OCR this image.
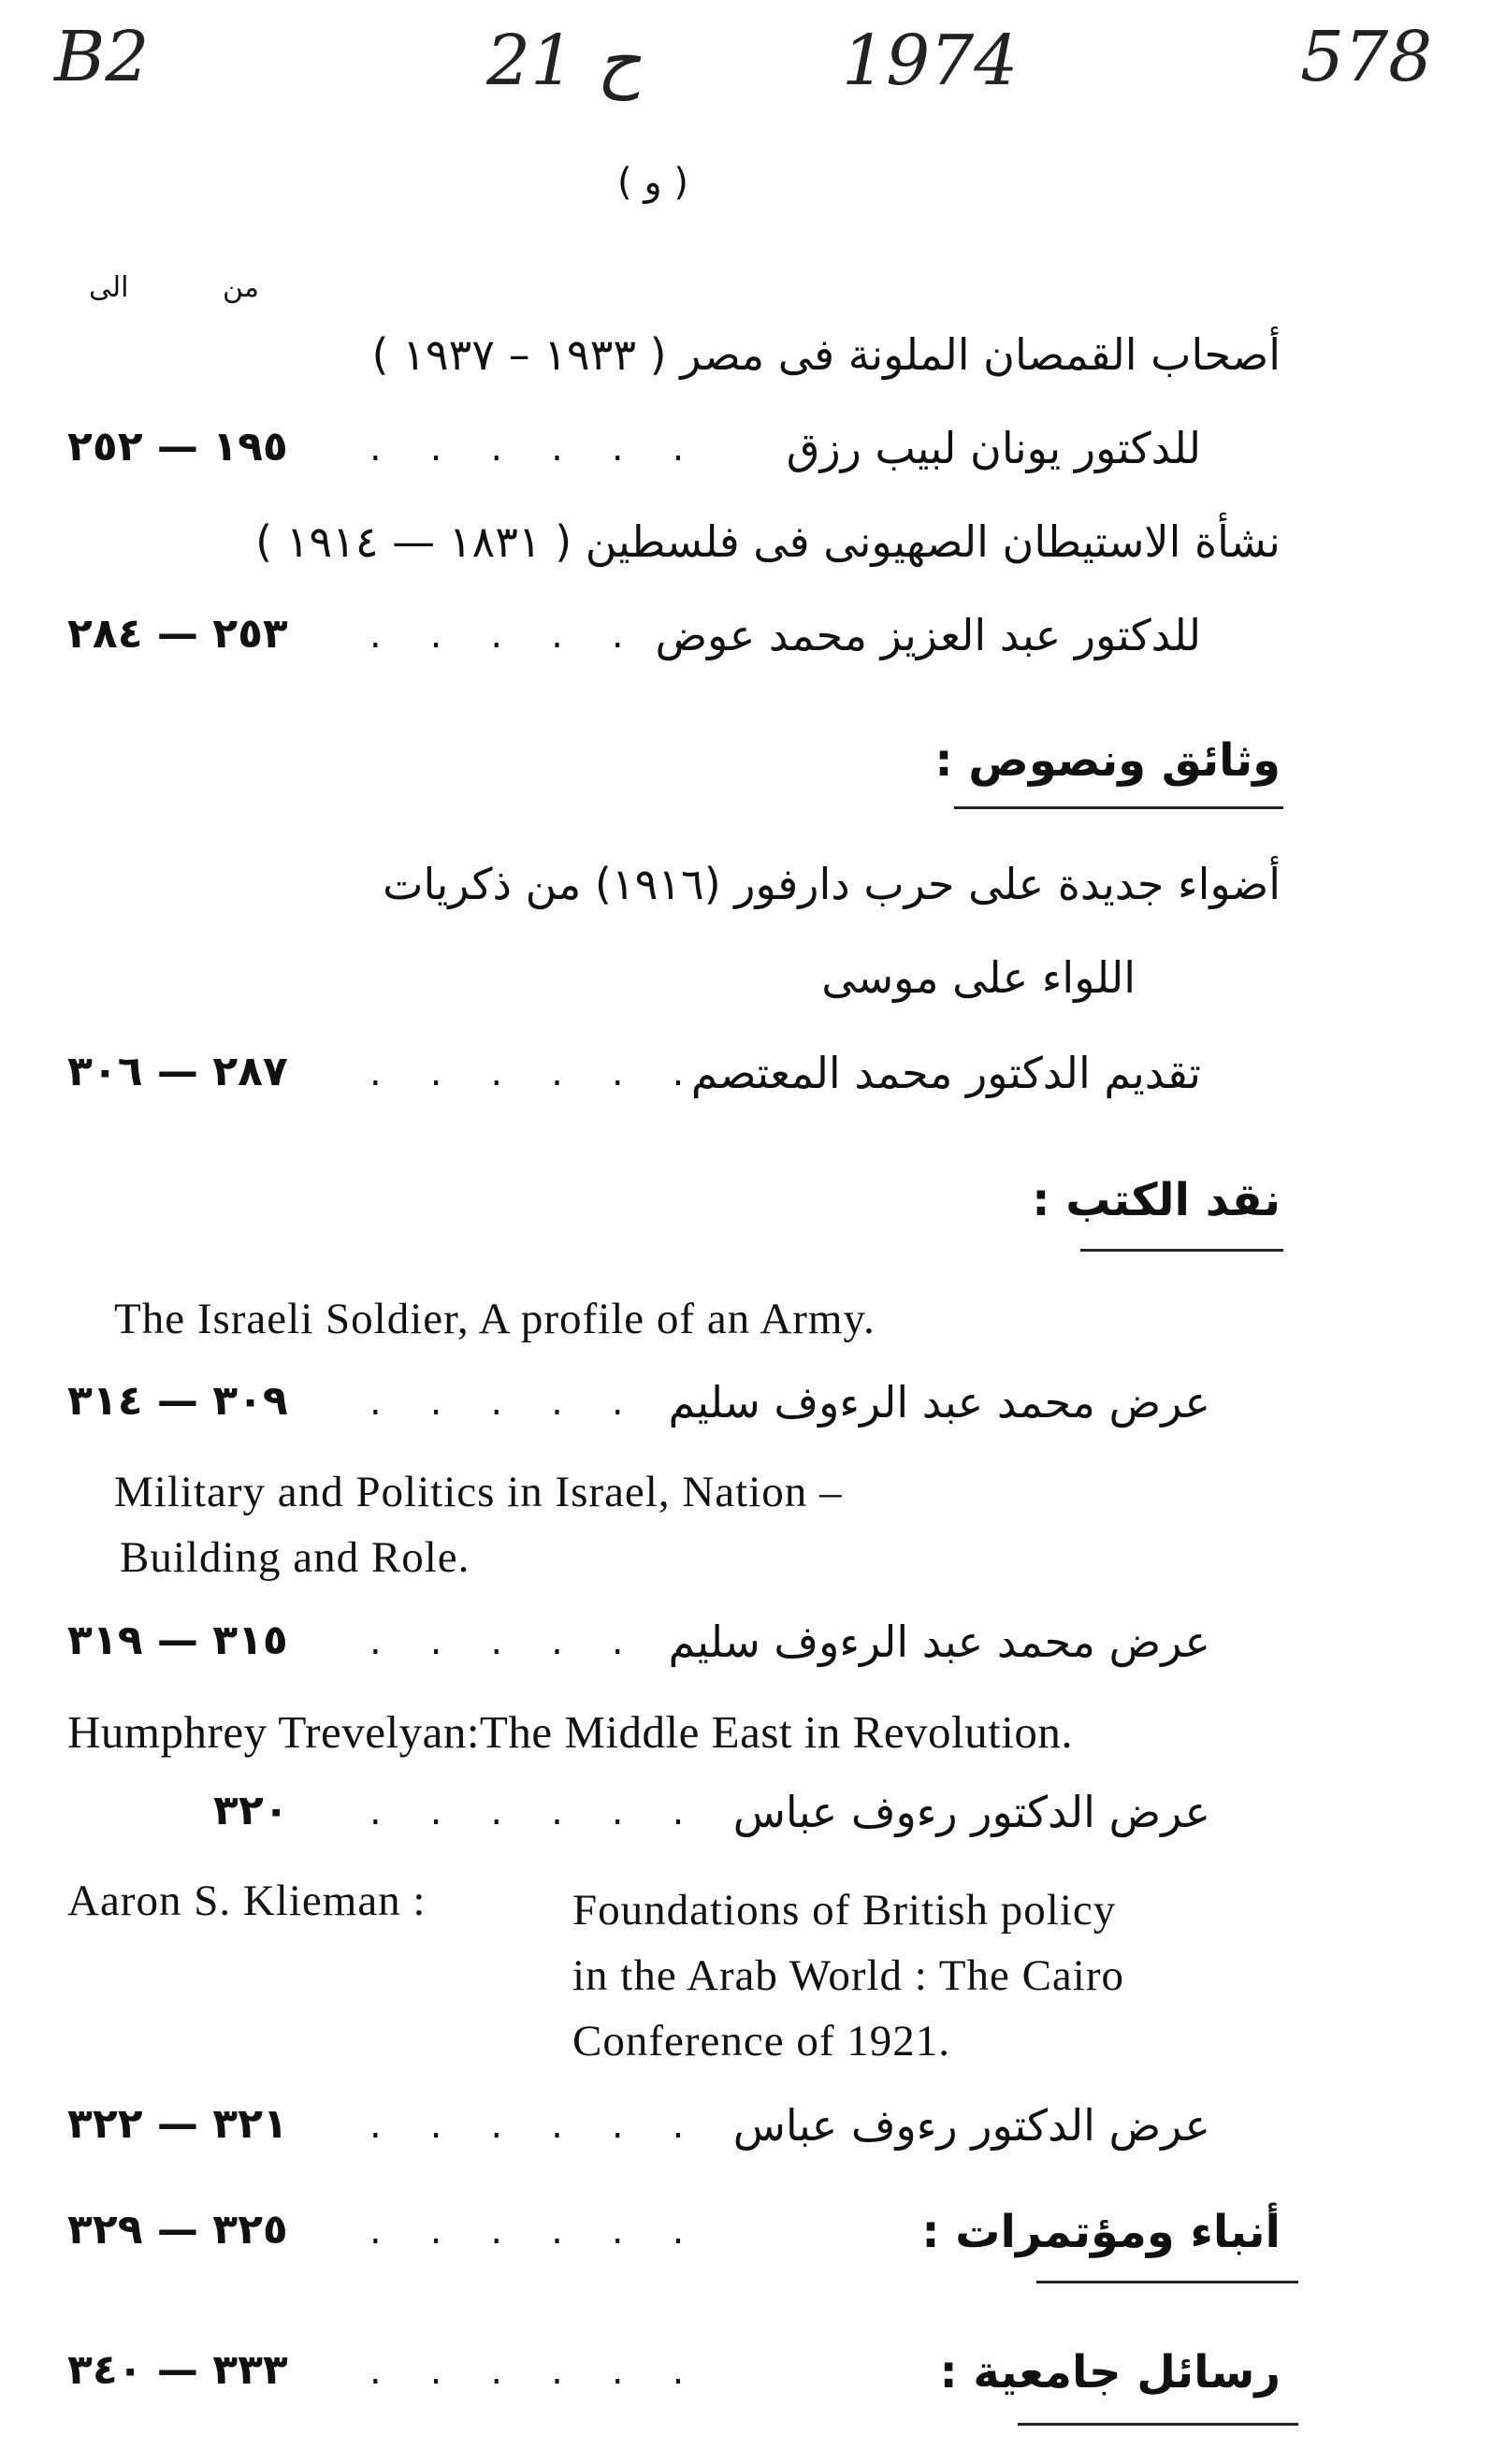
B2	21 ح	1974	578
( و )
من
الى
أصحاب القمصان الملونة فى مصر ( ١٩٣٣ – ١٩٣٧ )
للدكتور يونان لبيب رزق
......
١٩٥ — ٢٥٢
نشأة الاستيطان الصهيونى فى فلسطين ( ١٨٣١ — ١٩١٤ )
للدكتور عبد العزيز محمد عوض
......
٢٥٣ — ٢٨٤
وثائق ونصوص :
أضواء جديدة على حرب دارفور (١٩١٦) من ذكريات
اللواء على موسى
تقديم الدكتور محمد المعتصم
......
٢٨٧ — ٣٠٦
نقد الكتب :
The Israeli Soldier, A profile of an Army.
عرض محمد عبد الرءوف سليم
......
٣٠٩ — ٣١٤
Military and Politics in Israel, Nation –
Building and Role.
عرض محمد عبد الرءوف سليم
......
٣١٥ — ٣١٩
Humphrey Trevelyan:The Middle East in Revolution.
عرض الدكتور رءوف عباس
......
٣٢٠
Aaron S. Klieman :	Foundations of British policy
in the Arab World : The Cairo
Conference of 1921.
عرض الدكتور رءوف عباس
......
٣٢١ — ٣٢٢
أنباء ومؤتمرات :
......
٣٢٥ — ٣٢٩
رسائل جامعية :
......
٣٣٣ — ٣٤٠
